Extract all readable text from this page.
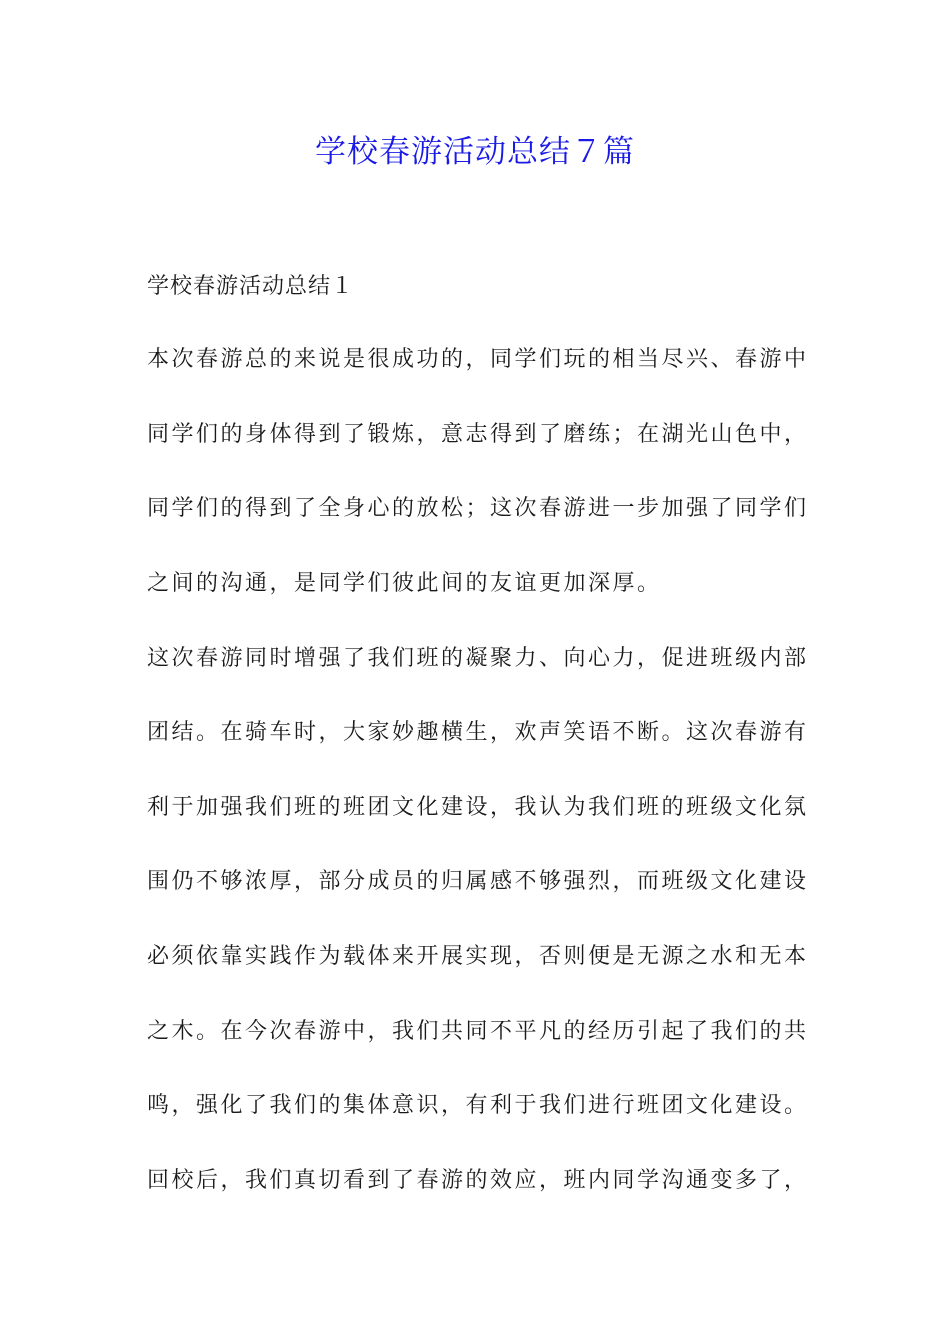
学校春游活动总结７篇

学校春游活动总结１

本次春游总的来说是很成功的，同学们玩的相当尽兴、春游中

同学们的身体得到了锻炼，意志得到了磨练；在湖光山色中，

同学们的得到了全身心的放松；这次春游进一步加强了同学们

之间的沟通，是同学们彼此间的友谊更加深厚。

这次春游同时增强了我们班的凝聚力、向心力，促进班级内部

团结。在骑车时，大家妙趣横生，欢声笑语不断。这次春游有

利于加强我们班的班团文化建设，我认为我们班的班级文化氛

围仍不够浓厚，部分成员的归属感不够强烈，而班级文化建设

必须依靠实践作为载体来开展实现，否则便是无源之水和无本

之木。在今次春游中，我们共同不平凡的经历引起了我们的共

鸣，强化了我们的集体意识，有利于我们进行班团文化建设。

回校后，我们真切看到了春游的效应，班内同学沟通变多了，
